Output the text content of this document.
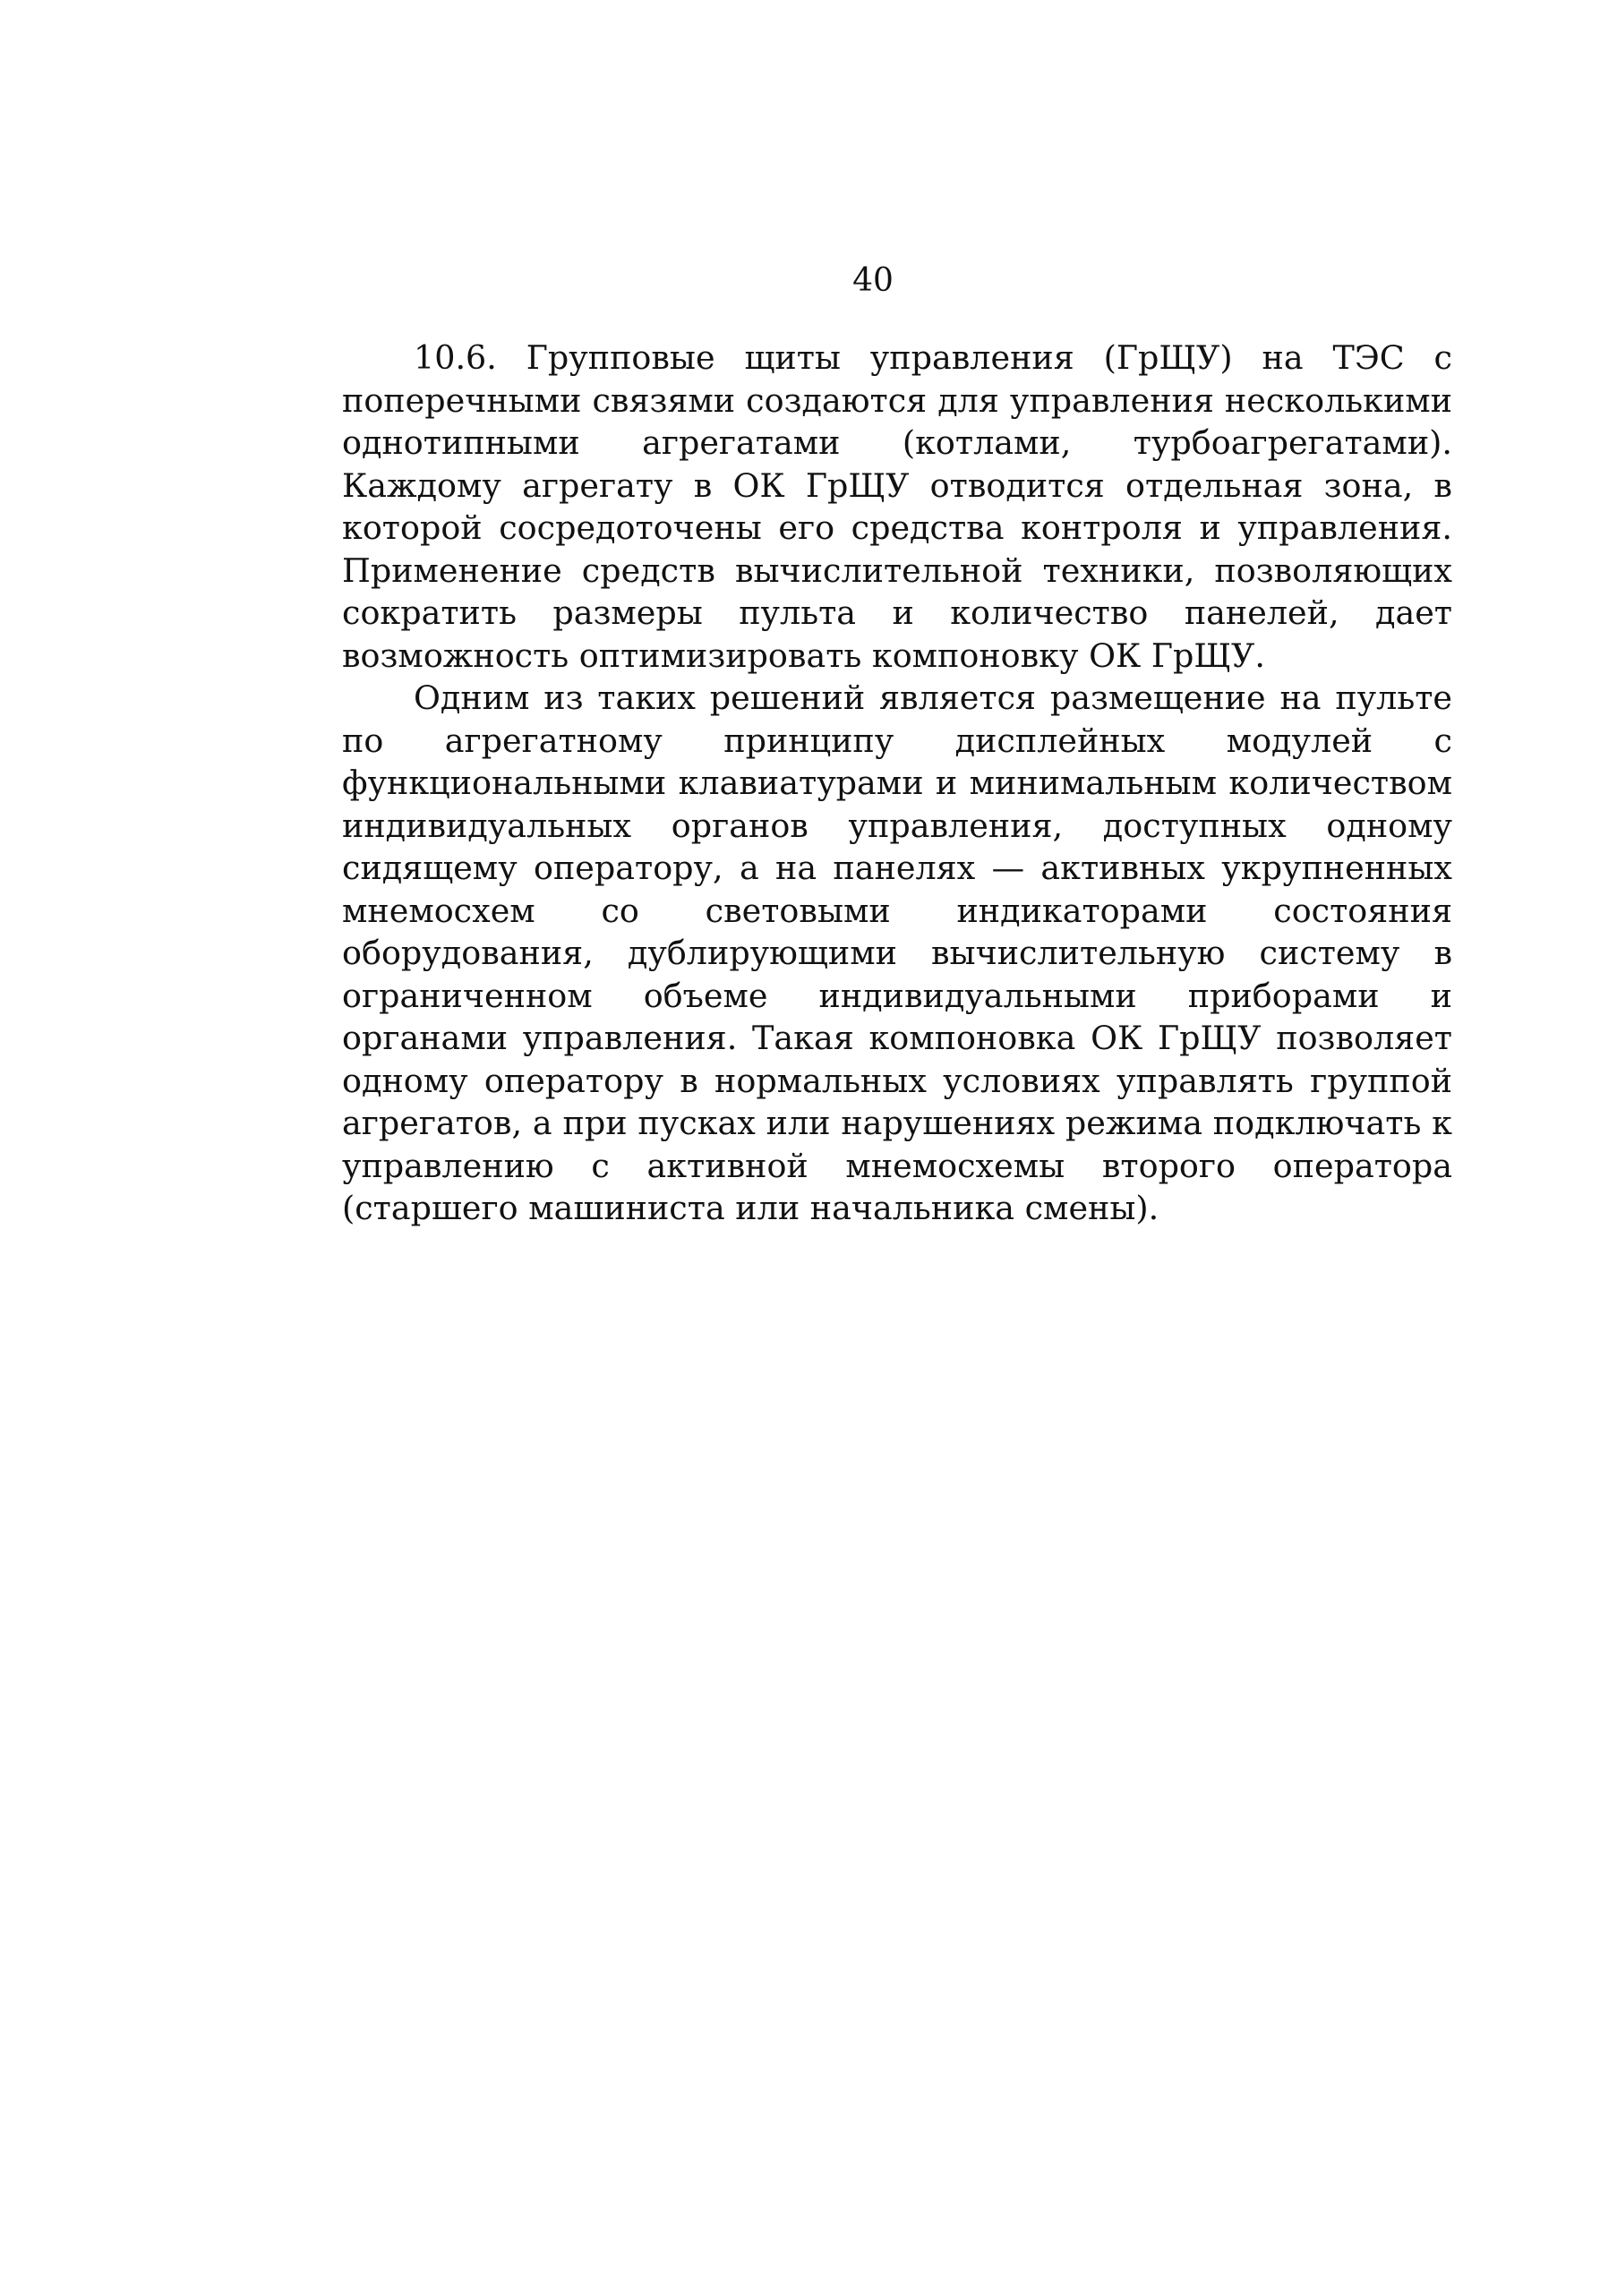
40

10.6. Групповые щиты управления (ГрЩУ) на ТЭС с поперечными связями создаются для управления несколькими однотипными агрегатами (котлами, турбоагрегатами). Каждому агрегату в ОК ГрЩУ отводится отдельная зона, в которой сосредоточены его средства контроля и управления. Применение средств вычислительной техники, позволяющих сократить размеры пульта и количество панелей, дает возможность оптимизировать компоновку ОК ГрЩУ.

Одним из таких решений является размещение на пульте по агрегатному принципу дисплейных модулей с функциональными клавиатурами и минимальным количеством индивидуальных органов управления, доступных одному сидящему оператору, а на панелях — активных укрупненных мнемосхем со световыми индикаторами состояния оборудования, дублирующими вычислительную систему в ограниченном объеме индивидуальными приборами и органами управления. Такая компоновка ОК ГрЩУ позволяет одному оператору в нормальных условиях управлять группой агрегатов, а при пусках или нарушениях режима подключать к управлению с активной мнемосхемы второго оператора (старшего машиниста или начальника смены).
